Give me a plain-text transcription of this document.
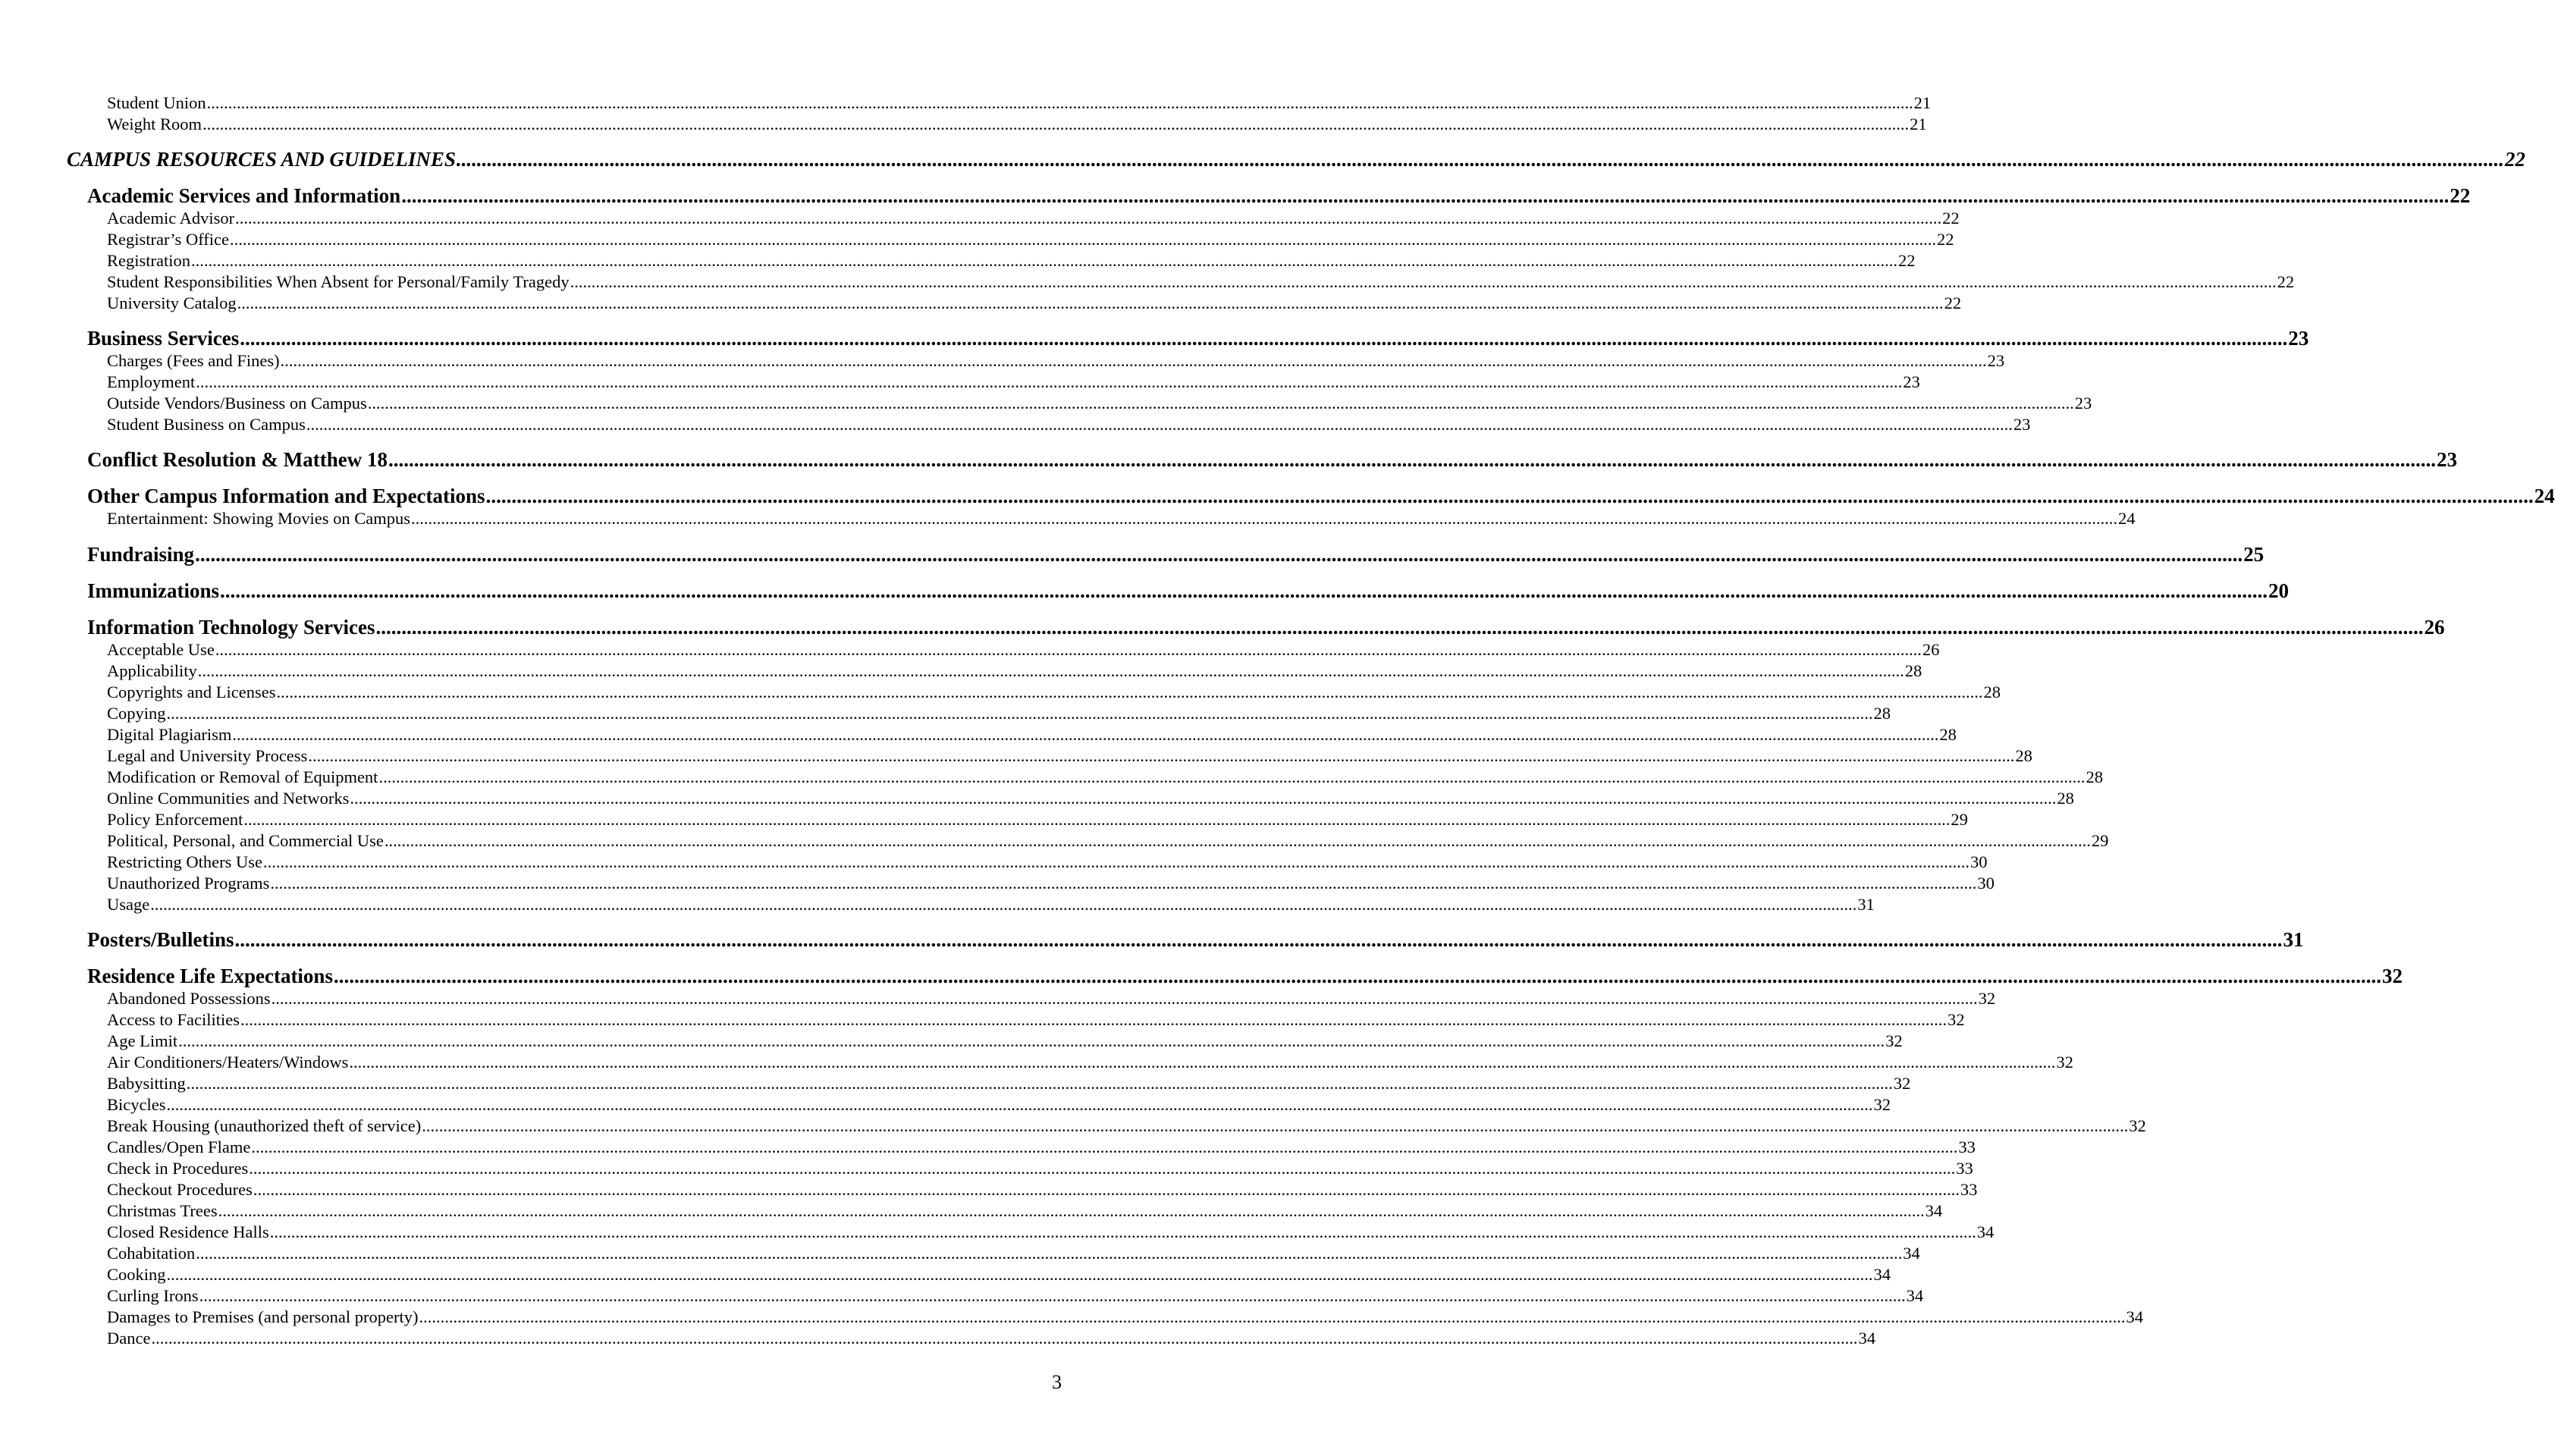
Student Union ................................................................................................................................................................................................................................................................................................................................................................................................................ 21
Weight Room ................................................................................................................................................................................................................................................................................................................................................................................................................ 21
CAMPUS RESOURCES AND GUIDELINES ................................................................................................................................................................................................................................................................................................................................................................................................................ 22
Academic Services and Information ................................................................................................................................................................................................................................................................................................................................................................................................................ 22
Academic Advisor ................................................................................................................................................................................................................................................................................................................................................................................................................ 22
Registrar’s Office ................................................................................................................................................................................................................................................................................................................................................................................................................ 22
Registration ................................................................................................................................................................................................................................................................................................................................................................................................................ 22
Student Responsibilities When Absent for Personal/Family Tragedy ................................................................................................................................................................................................................................................................................................................................................................................................................ 22
University Catalog ................................................................................................................................................................................................................................................................................................................................................................................................................ 22
Business Services ................................................................................................................................................................................................................................................................................................................................................................................................................ 23
Charges (Fees and Fines) ................................................................................................................................................................................................................................................................................................................................................................................................................ 23
Employment ................................................................................................................................................................................................................................................................................................................................................................................................................ 23
Outside Vendors/Business on Campus ................................................................................................................................................................................................................................................................................................................................................................................................................ 23
Student Business on Campus ................................................................................................................................................................................................................................................................................................................................................................................................................ 23
Conflict Resolution & Matthew 18 ................................................................................................................................................................................................................................................................................................................................................................................................................ 23
Other Campus Information and Expectations ................................................................................................................................................................................................................................................................................................................................................................................................................ 24
Entertainment: Showing Movies on Campus ................................................................................................................................................................................................................................................................................................................................................................................................................ 24
Fundraising ................................................................................................................................................................................................................................................................................................................................................................................................................ 25
Immunizations ................................................................................................................................................................................................................................................................................................................................................................................................................ 20
Information Technology Services ................................................................................................................................................................................................................................................................................................................................................................................................................ 26
Acceptable Use ................................................................................................................................................................................................................................................................................................................................................................................................................ 26
Applicability ................................................................................................................................................................................................................................................................................................................................................................................................................ 28
Copyrights and Licenses ................................................................................................................................................................................................................................................................................................................................................................................................................ 28
Copying ................................................................................................................................................................................................................................................................................................................................................................................................................ 28
Digital Plagiarism ................................................................................................................................................................................................................................................................................................................................................................................................................ 28
Legal and University Process ................................................................................................................................................................................................................................................................................................................................................................................................................ 28
Modification or Removal of Equipment ................................................................................................................................................................................................................................................................................................................................................................................................................ 28
Online Communities and Networks ................................................................................................................................................................................................................................................................................................................................................................................................................ 28
Policy Enforcement ................................................................................................................................................................................................................................................................................................................................................................................................................ 29
Political, Personal, and Commercial Use ................................................................................................................................................................................................................................................................................................................................................................................................................ 29
Restricting Others Use ................................................................................................................................................................................................................................................................................................................................................................................................................ 30
Unauthorized Programs ................................................................................................................................................................................................................................................................................................................................................................................................................ 30
Usage ................................................................................................................................................................................................................................................................................................................................................................................................................ 31
Posters/Bulletins ................................................................................................................................................................................................................................................................................................................................................................................................................ 31
Residence Life Expectations ................................................................................................................................................................................................................................................................................................................................................................................................................ 32
Abandoned Possessions ................................................................................................................................................................................................................................................................................................................................................................................................................ 32
Access to Facilities ................................................................................................................................................................................................................................................................................................................................................................................................................ 32
Age Limit ................................................................................................................................................................................................................................................................................................................................................................................................................ 32
Air Conditioners/Heaters/Windows ................................................................................................................................................................................................................................................................................................................................................................................................................ 32
Babysitting ................................................................................................................................................................................................................................................................................................................................................................................................................ 32
Bicycles ................................................................................................................................................................................................................................................................................................................................................................................................................ 32
Break Housing (unauthorized theft of service) ................................................................................................................................................................................................................................................................................................................................................................................................................ 32
Candles/Open Flame ................................................................................................................................................................................................................................................................................................................................................................................................................ 33
Check in Procedures ................................................................................................................................................................................................................................................................................................................................................................................................................ 33
Checkout Procedures ................................................................................................................................................................................................................................................................................................................................................................................................................ 33
Christmas Trees ................................................................................................................................................................................................................................................................................................................................................................................................................ 34
Closed Residence Halls ................................................................................................................................................................................................................................................................................................................................................................................................................ 34
Cohabitation ................................................................................................................................................................................................................................................................................................................................................................................................................ 34
Cooking ................................................................................................................................................................................................................................................................................................................................................................................................................ 34
Curling Irons ................................................................................................................................................................................................................................................................................................................................................................................................................ 34
Damages to Premises (and personal property) ................................................................................................................................................................................................................................................................................................................................................................................................................ 34
Dance ................................................................................................................................................................................................................................................................................................................................................................................................................ 34
3
